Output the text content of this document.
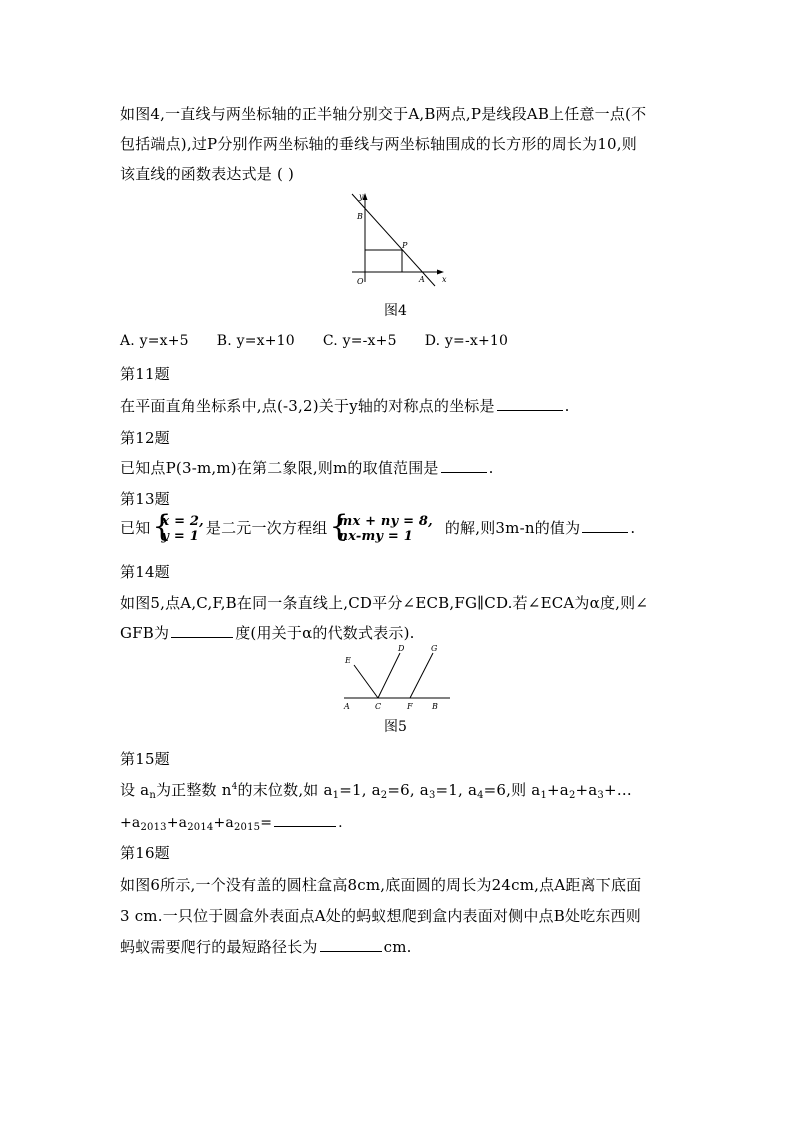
如图4,一直线与两坐标轴的正半轴分别交于A,B两点,P是线段AB上任意一点(不
包括端点),过P分别作两坐标轴的垂线与两坐标轴围成的长方形的周长为10,则
该直线的函数表达式是 ( )
y
x
B
P
O	A
图4
A. y=x+5 B. y=x+10 C. y=-x+5 D. y=-x+10
第11题
在平面直角坐标系中,点(-3,2)关于y轴的对称点的坐标是	.
第12题
已知点P(3-m,m)在第二象限,则m的取值范围是	.
第13题
已知 {
x = 2,
y = 1 是二元一次方程组 {
mx + ny = 8,
nx-my = 1 的解,则3m-n的值为	.
第14题
如图5,点A,C,F,B在同一条直线上,CD平分∠ECB,FG∥CD.若∠ECA为α度,则∠
GFB为	度(用关于α的代数式表示).
E
D	G
A	C	F B
图5
第15题
设 $a_n$为正整数 $n^4$的末位数,如 $a_1=1$, $a_2=6$, $a_3=1$, $a_4=6$,则 $a_1+a_2+a_3+\dots$
$+a_{2013}+a_{2014}+a_{2015}=$	.
第16题
如图6所示,一个没有盖的圆柱盒高8cm,底面圆的周长为24cm,点A距离下底面
3 cm.一只位于圆盒外表面点A处的蚂蚁想爬到盒内表面对侧中点B处吃东西则
蚂蚁需要爬行的最短路径长为	cm.
